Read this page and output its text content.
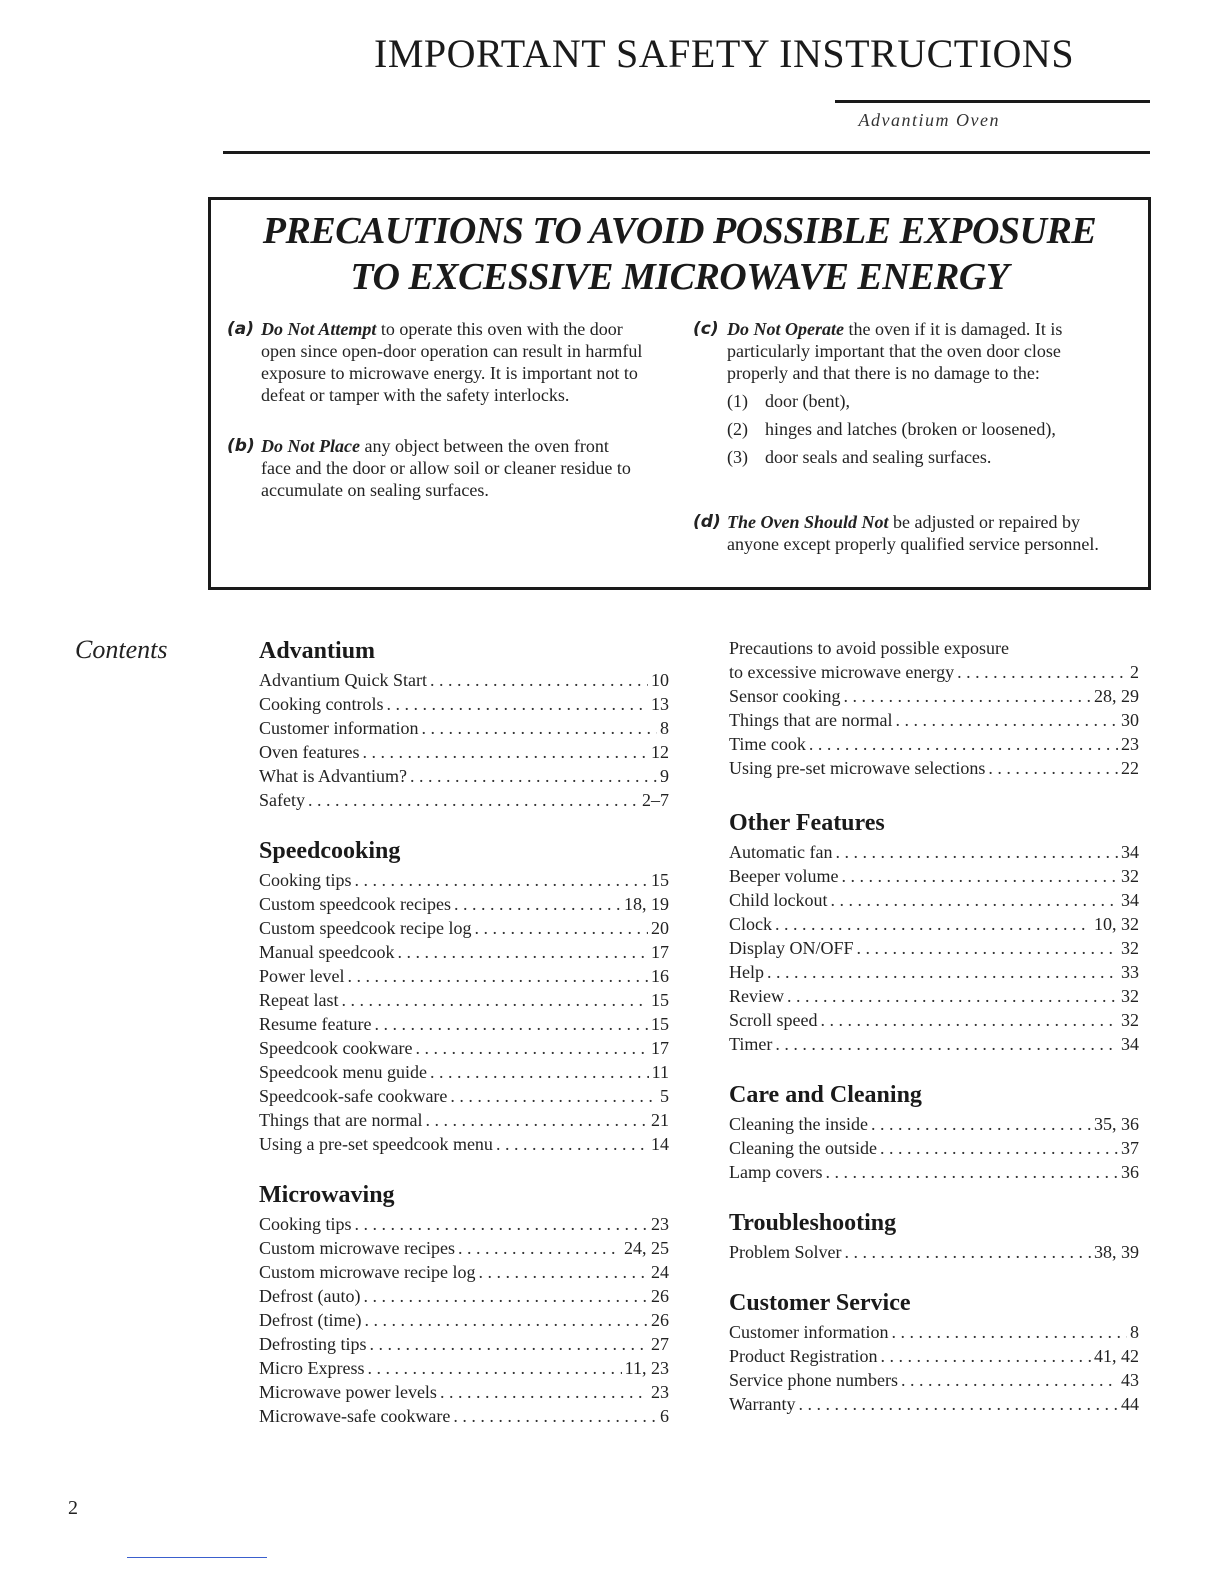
IMPORTANT SAFETY INSTRUCTIONS
Advantium Oven
PRECAUTIONS TO AVOID POSSIBLE EXPOSURE
TO EXCESSIVE MICROWAVE ENERGY
(a) Do Not Attempt to operate this oven with the door open since open-door operation can result in harmful exposure to microwave energy. It is important not to defeat or tamper with the safety interlocks.
(b) Do Not Place any object between the oven front face and the door or allow soil or cleaner residue to accumulate on sealing surfaces.
(c) Do Not Operate the oven if it is damaged. It is particularly important that the oven door close properly and that there is no damage to the:
(1) door (bent),
(2) hinges and latches (broken or loosened),
(3) door seals and sealing surfaces.
(d) The Oven Should Not be adjusted or repaired by anyone except properly qualified service personnel.
Contents	Advantium
Advantium Quick Start . . .	10
Cooking controls . . .	13
Customer information . . .	8
Oven features . . .	12
What is Advantium? . . .	9
Safety . . .	2–7
Speedcooking
Cooking tips . . .	15
Custom speedcook recipes . . .	18, 19
Custom speedcook recipe log . . .	20
Manual speedcook . . .	17
Power level . . .	16
Repeat last . . .	15
Resume feature . . .	15
Speedcook cookware . . .	17
Speedcook menu guide . . .	11
Speedcook-safe cookware . . .	5
Things that are normal . . .	21
Using a pre-set speedcook menu . . .	14
Microwaving
Cooking tips . . .	23
Custom microwave recipes . . .	24, 25
Custom microwave recipe log . . .	24
Defrost (auto) . . .	26
Defrost (time) . . .	26
Defrosting tips . . .	27
Micro Express . . .	11, 23
Microwave power levels . . .	23
Microwave-safe cookware . . .	6
Precautions to avoid possible exposure
to excessive microwave energy . . .	2
Sensor cooking . . .	28, 29
Things that are normal . . .	30
Time cook . . .	23
Using pre-set microwave selections . . .	22
Other Features
Automatic fan . . .	34
Beeper volume . . .	32
Child lockout . . .	34
Clock . . .	10, 32
Display ON/OFF . . .	32
Help . . .	33
Review . . .	32
Scroll speed . . .	32
Timer . . .	34
Care and Cleaning
Cleaning the inside . . .	35, 36
Cleaning the outside . . .	37
Lamp covers . . .	36
Troubleshooting
Problem Solver . . .	38, 39
Customer Service
Customer information . . .	8
Product Registration . . .	41, 42
Service phone numbers . . .	43
Warranty . . .	44
2
